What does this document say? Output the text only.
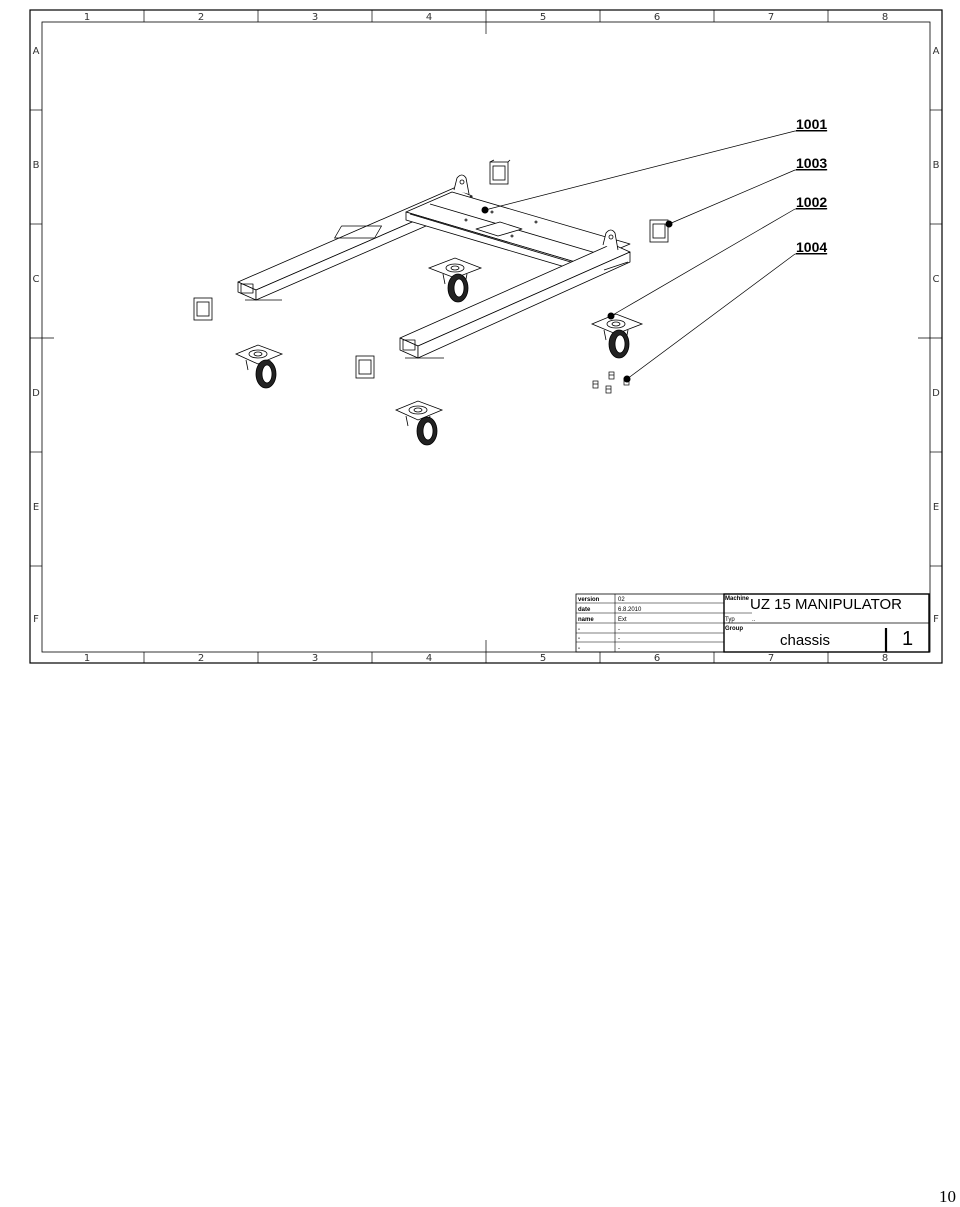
1	2	3	4	5	6	7	8
1	2	3	4	5	6	7	8
A
B
C
D
E
F
A
B
C
D
E
F
1001
1003
1002
1004
version	02
date	6.8.2010
name	Ext
-	-
-	-
-	-
Machine UZ 15 MANIPULATOR
Typ	..
Group
chassis	1
10
